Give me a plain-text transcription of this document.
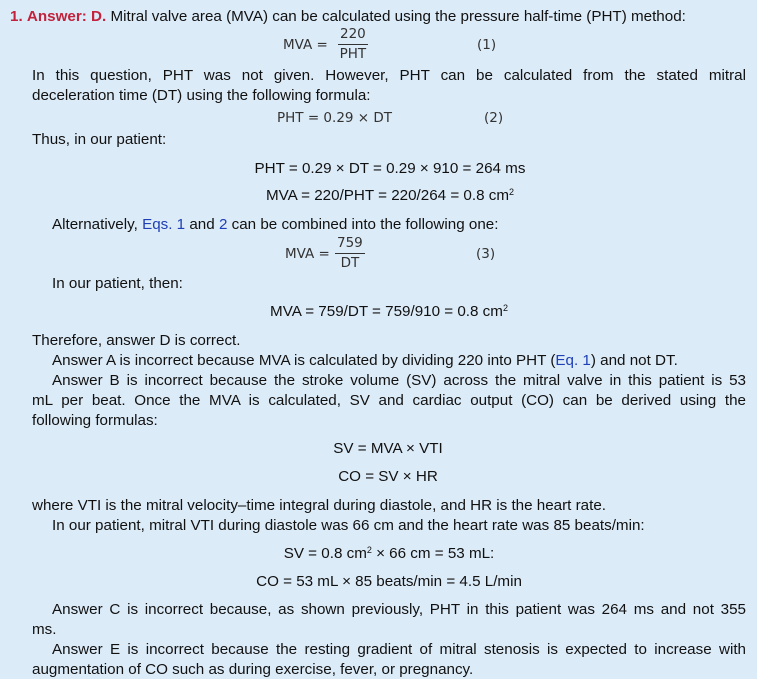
1. Answer: D. Mitral valve area (MVA) can be calculated using the pressure half-time (PHT) method:
MVA =
220
PHT
(1)
In this question, PHT was not given. However, PHT can be calculated from the stated mitral
deceleration time (DT) using the following formula:
PHT = 0.29 × DT	(2)
Thus, in our patient:
PHT = 0.29 × DT = 0.29 × 910 = 264 ms
MVA = 220/PHT = 220/264 = 0.8 $cm^2$
Alternatively, Eqs. 1 and 2 can be combined into the following one:
MVA = $\frac{759}{DT}$	(3)
In our patient, then:
MVA = 759/DT = 759/910 = 0.8 $cm^2$
Therefore, answer D is correct.
Answer A is incorrect because MVA is calculated by dividing 220 into PHT (Eq. 1) and not DT.
Answer B is incorrect because the stroke volume (SV) across the mitral valve in this patient is 53
mL per beat. Once the MVA is calculated, SV and cardiac output (CO) can be derived using the
following formulas:
SV = MVA × VTI
CO = SV × HR
where VTI is the mitral velocity–time integral during diastole, and HR is the heart rate.
In our patient, mitral VTI during diastole was 66 cm and the heart rate was 85 beats/min:
SV = 0.8 $cm^2 \times 66$ cm = 53 mL:
CO = 53 mL × 85 beats/min = 4.5 L/min
Answer C is incorrect because, as shown previously, PHT in this patient was 264 ms and not 355
ms.
Answer E is incorrect because the resting gradient of mitral stenosis is expected to increase with
augmentation of CO such as during exercise, fever, or pregnancy.
